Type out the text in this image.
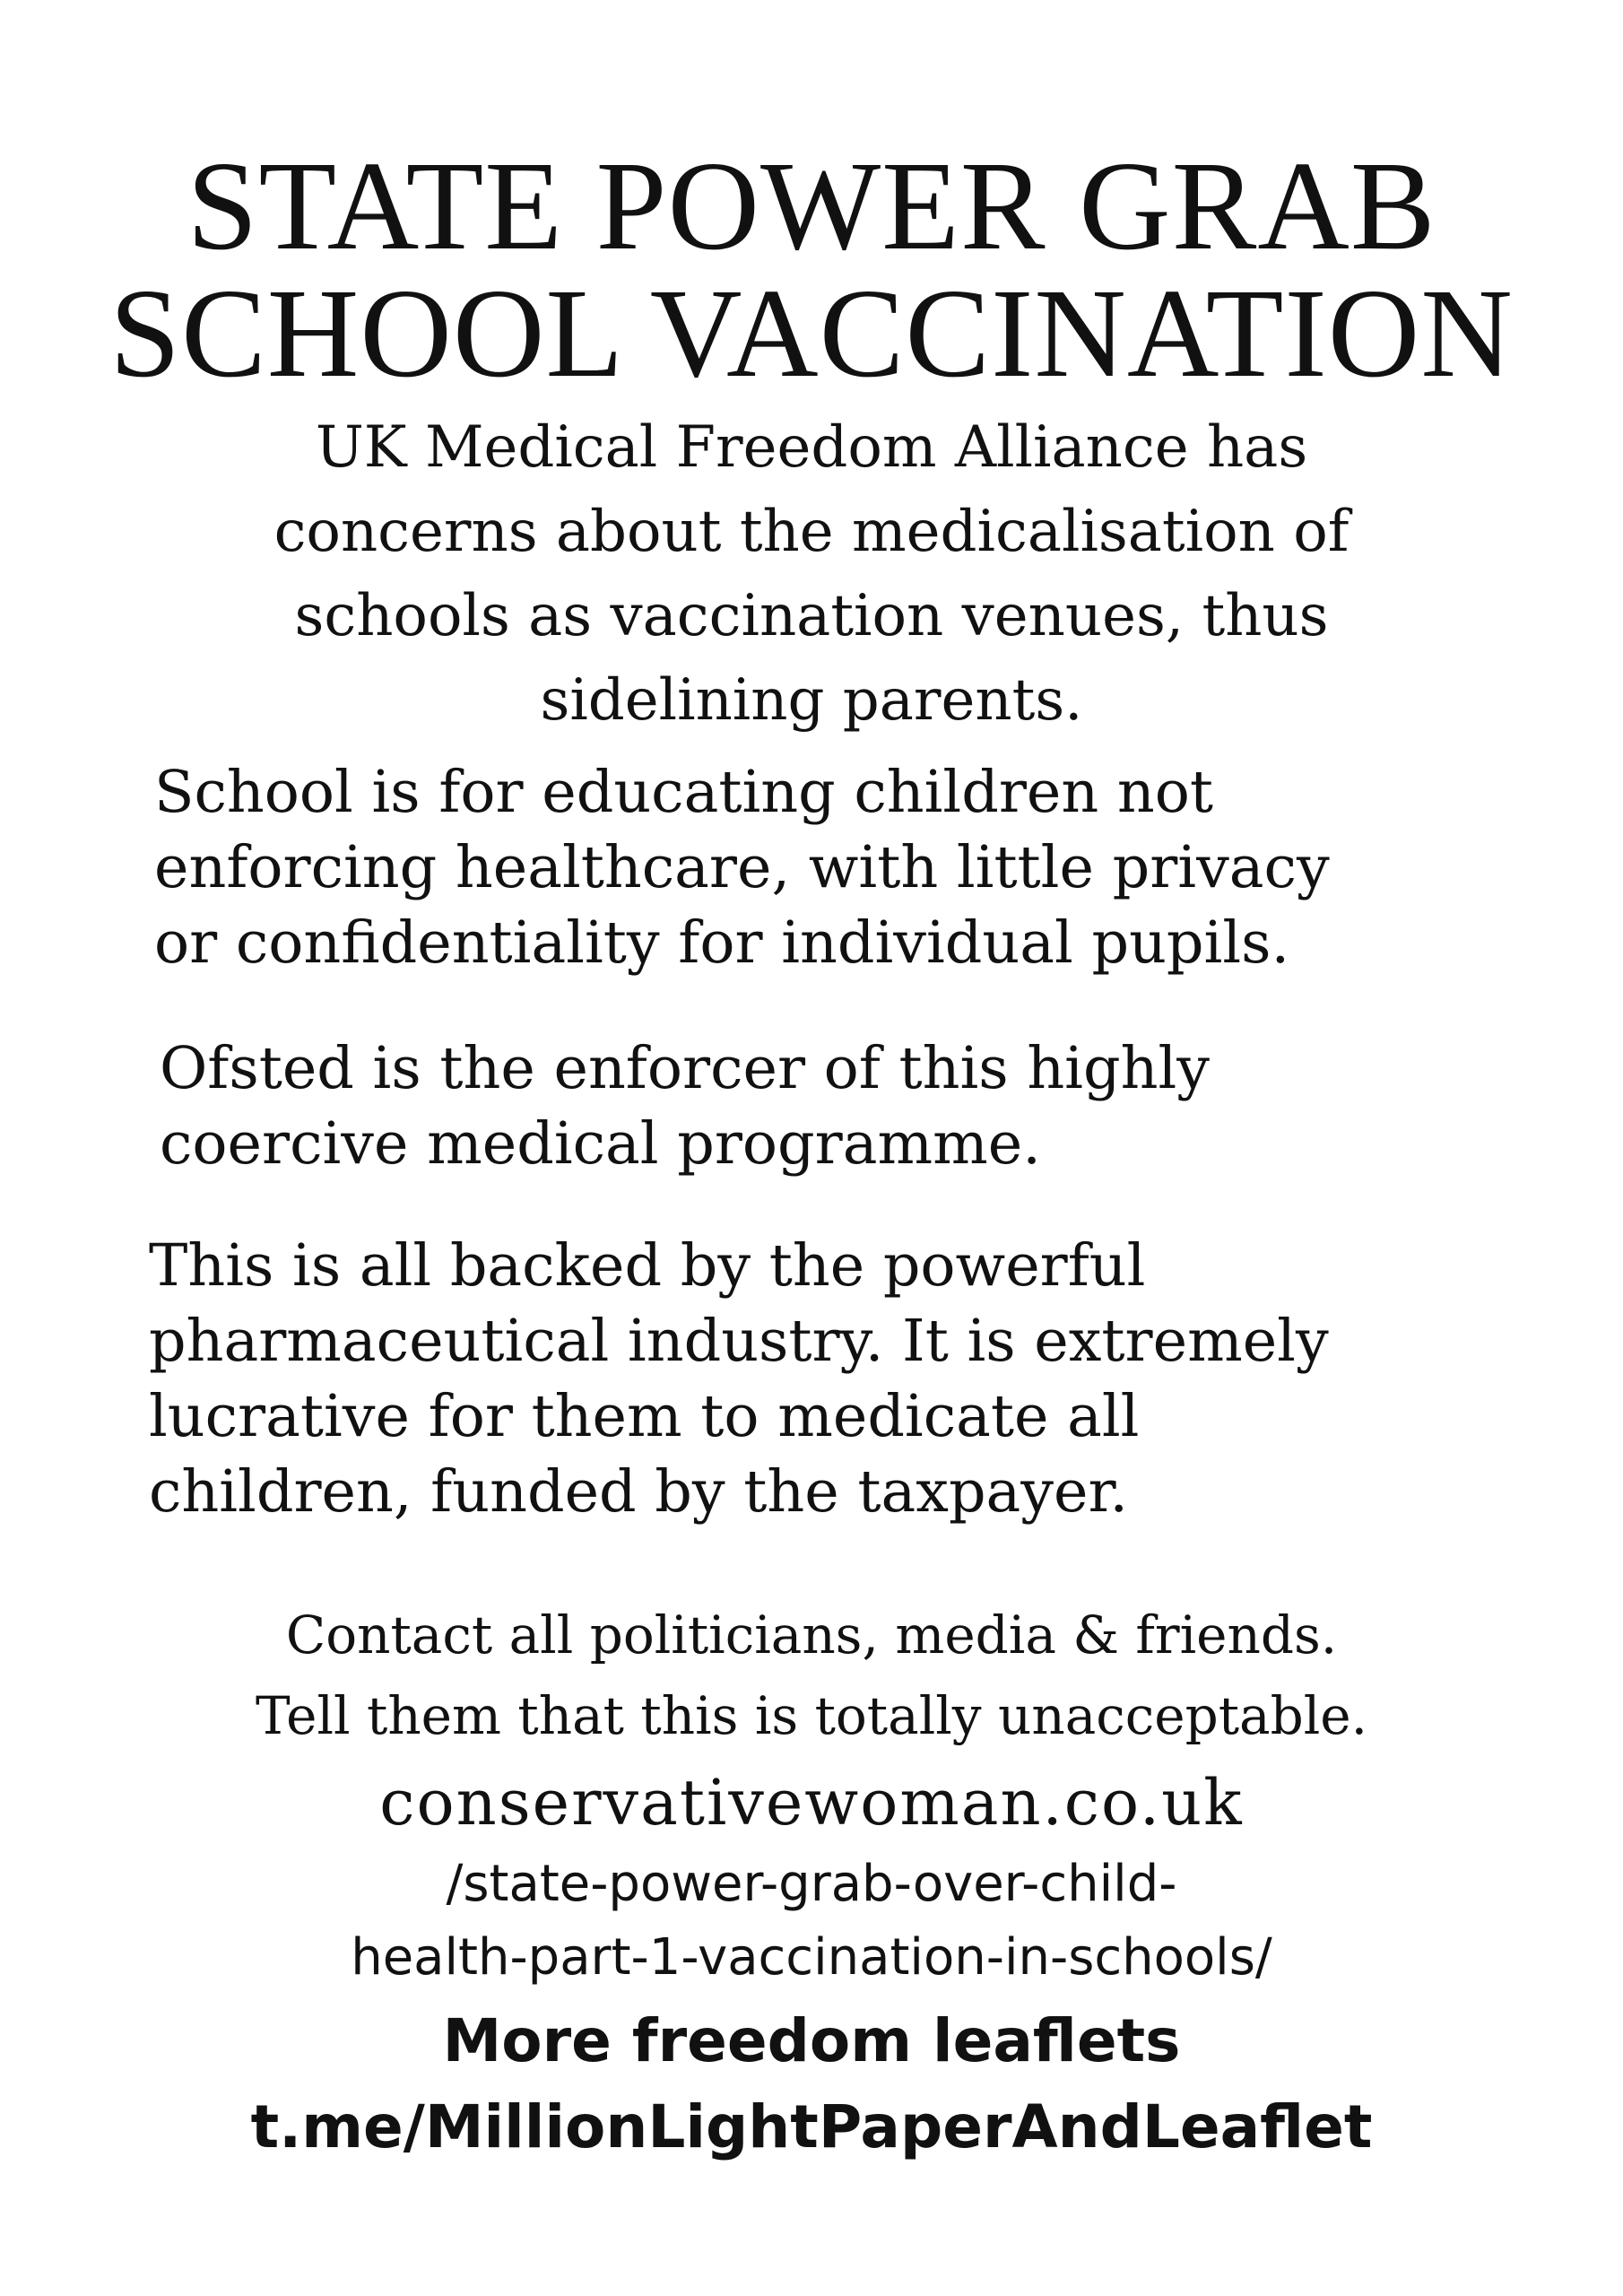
STATE POWER GRAB
SCHOOL VACCINATION
UK Medical Freedom Alliance has
concerns about the medicalisation of
schools as vaccination venues, thus
sidelining parents.
School is for educating children not
enforcing healthcare, with little privacy
or confidentiality for individual pupils.
Ofsted is the enforcer of this highly
coercive medical programme.
This is all backed by the powerful
pharmaceutical industry. It is extremely
lucrative for them to medicate all
children, funded by the taxpayer.
Contact all politicians, media & friends.
Tell them that this is totally unacceptable.
conservativewoman.co.uk
/state-power-grab-over-child-
health-part-1-vaccination-in-schools/
More freedom leaflets
t.me/MillionLightPaperAndLeaflet
